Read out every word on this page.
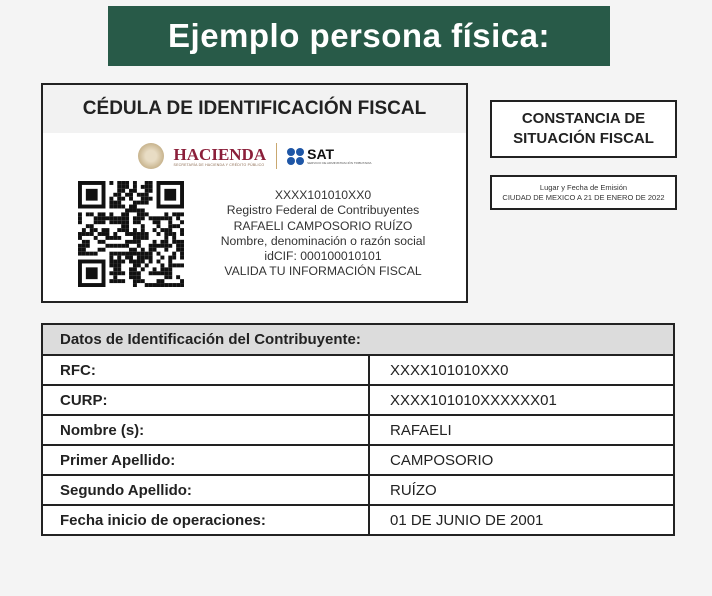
Ejemplo persona física:
CÉDULA DE IDENTIFICACIÓN FISCAL
HACIENDA
SECRETARÍA DE HACIENDA Y CRÉDITO PÚBLICO
SAT
SERVICIO DE ADMINISTRACIÓN TRIBUTARIA
XXXX101010XX0
Registro Federal de Contribuyentes
RAFAELI CAMPOSORIO RUÍZO
Nombre, denominación o razón social
idCIF: 000100010101
VALIDA TU INFORMACIÓN FISCAL
CONSTANCIA DE
SITUACIÓN FISCAL
Lugar y Fecha de Emisión
CIUDAD DE MEXICO A 21 DE ENERO DE 2022
Datos de Identificación del Contribuyente:	
RFC:	XXXX101010XX0
CURP:	XXXX101010XXXXXX01
Nombre (s):	RAFAELI
Primer Apellido:	CAMPOSORIO
Segundo Apellido:	RUÍZO
Fecha inicio de operaciones:	01 DE JUNIO DE 2001
